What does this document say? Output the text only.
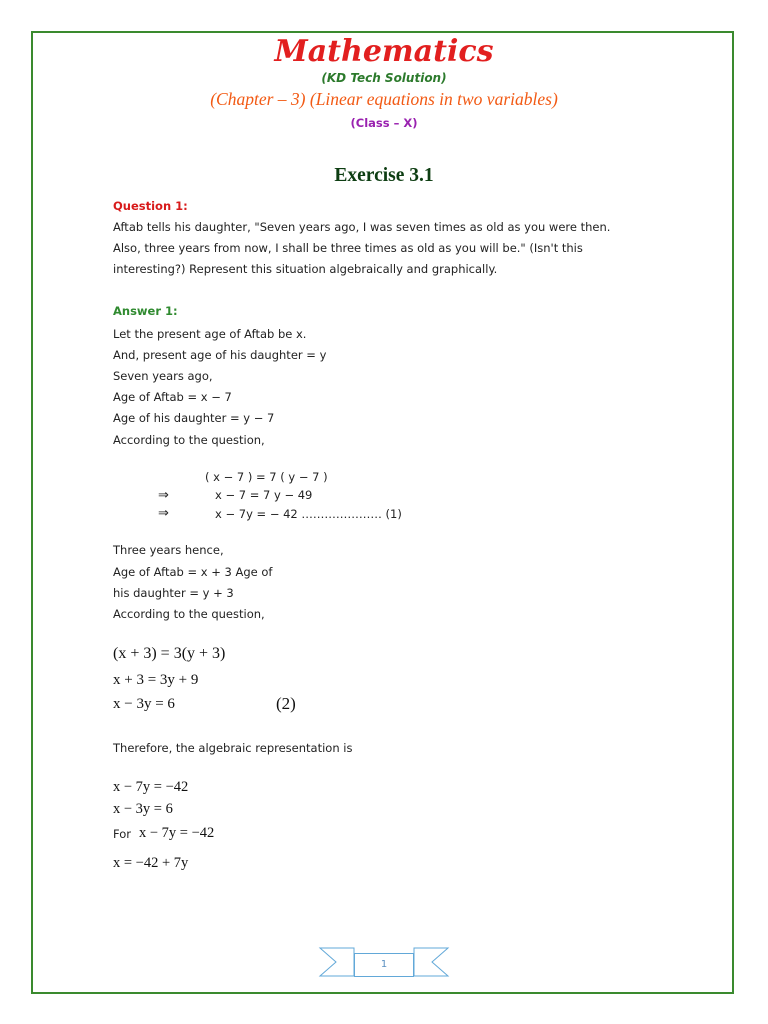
Mathematics
(KD Tech Solution)
(Chapter – 3) (Linear equations in two variables)
(Class – X)
Exercise 3.1
Question 1:
Aftab tells his daughter, "Seven years ago, I was seven times as old as you were then.
Also, three years from now, I shall be three times as old as you will be." (Isn't this
interesting?) Represent this situation algebraically and graphically.
Answer 1:
Let the present age of Aftab be x.
And, present age of his daughter = y
Seven years ago,
Age of Aftab = x − 7
Age of his daughter = y − 7
According to the question,
( x − 7 ) = 7 ( y − 7 )
⇒	x − 7 = 7 y − 49
⇒	x − 7y = − 42 ………………… (1)
Three years hence,
Age of Aftab = x + 3 Age of
his daughter = y + 3
According to the question,
(x + 3) = 3(y + 3)
x + 3 = 3y + 9
x − 3y = 6	(2)
Therefore, the algebraic representation is
x − 7y = −42
x − 3y = 6
For x − 7y = −42
x = −42 + 7y
1
